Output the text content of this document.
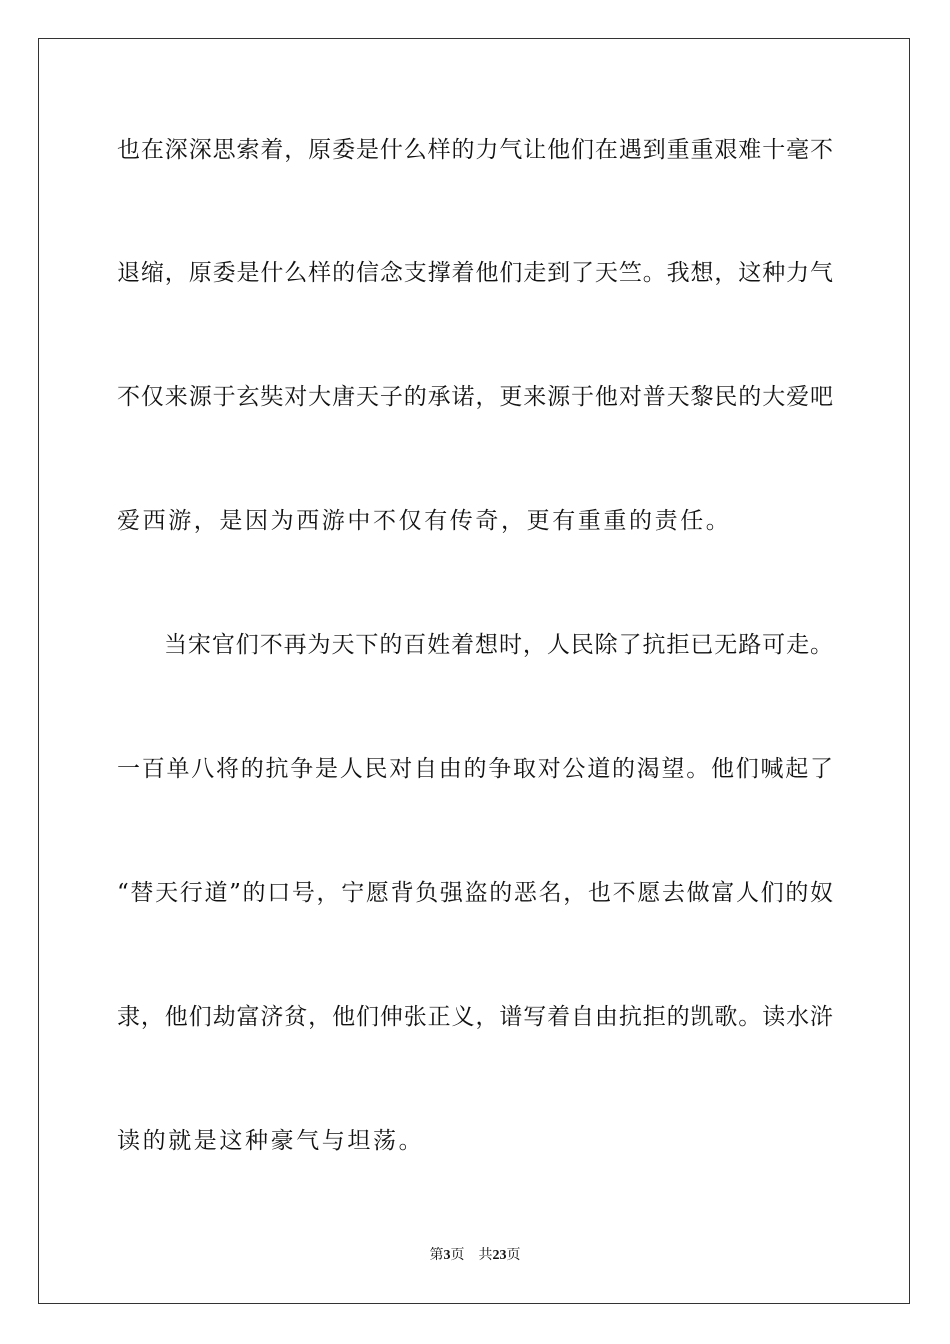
也在深深思索着，原委是什么样的力气让他们在遇到重重艰难十毫不
退缩，原委是什么样的信念支撑着他们走到了天竺。我想，这种力气
不仅来源于玄奘对大唐天子的承诺，更来源于他对普天黎民的大爱吧
爱西游，是因为西游中不仅有传奇，更有重重的责任。
当宋官们不再为天下的百姓着想时，人民除了抗拒已无路可走。
一百单八将的抗争是人民对自由的争取对公道的渴望。他们喊起了
“替天行道”的口号，宁愿背负强盗的恶名，也不愿去做富人们的奴
隶，他们劫富济贫，他们伸张正义，谱写着自由抗拒的凯歌。读水浒
读的就是这种豪气与坦荡。
第3页 共23页
